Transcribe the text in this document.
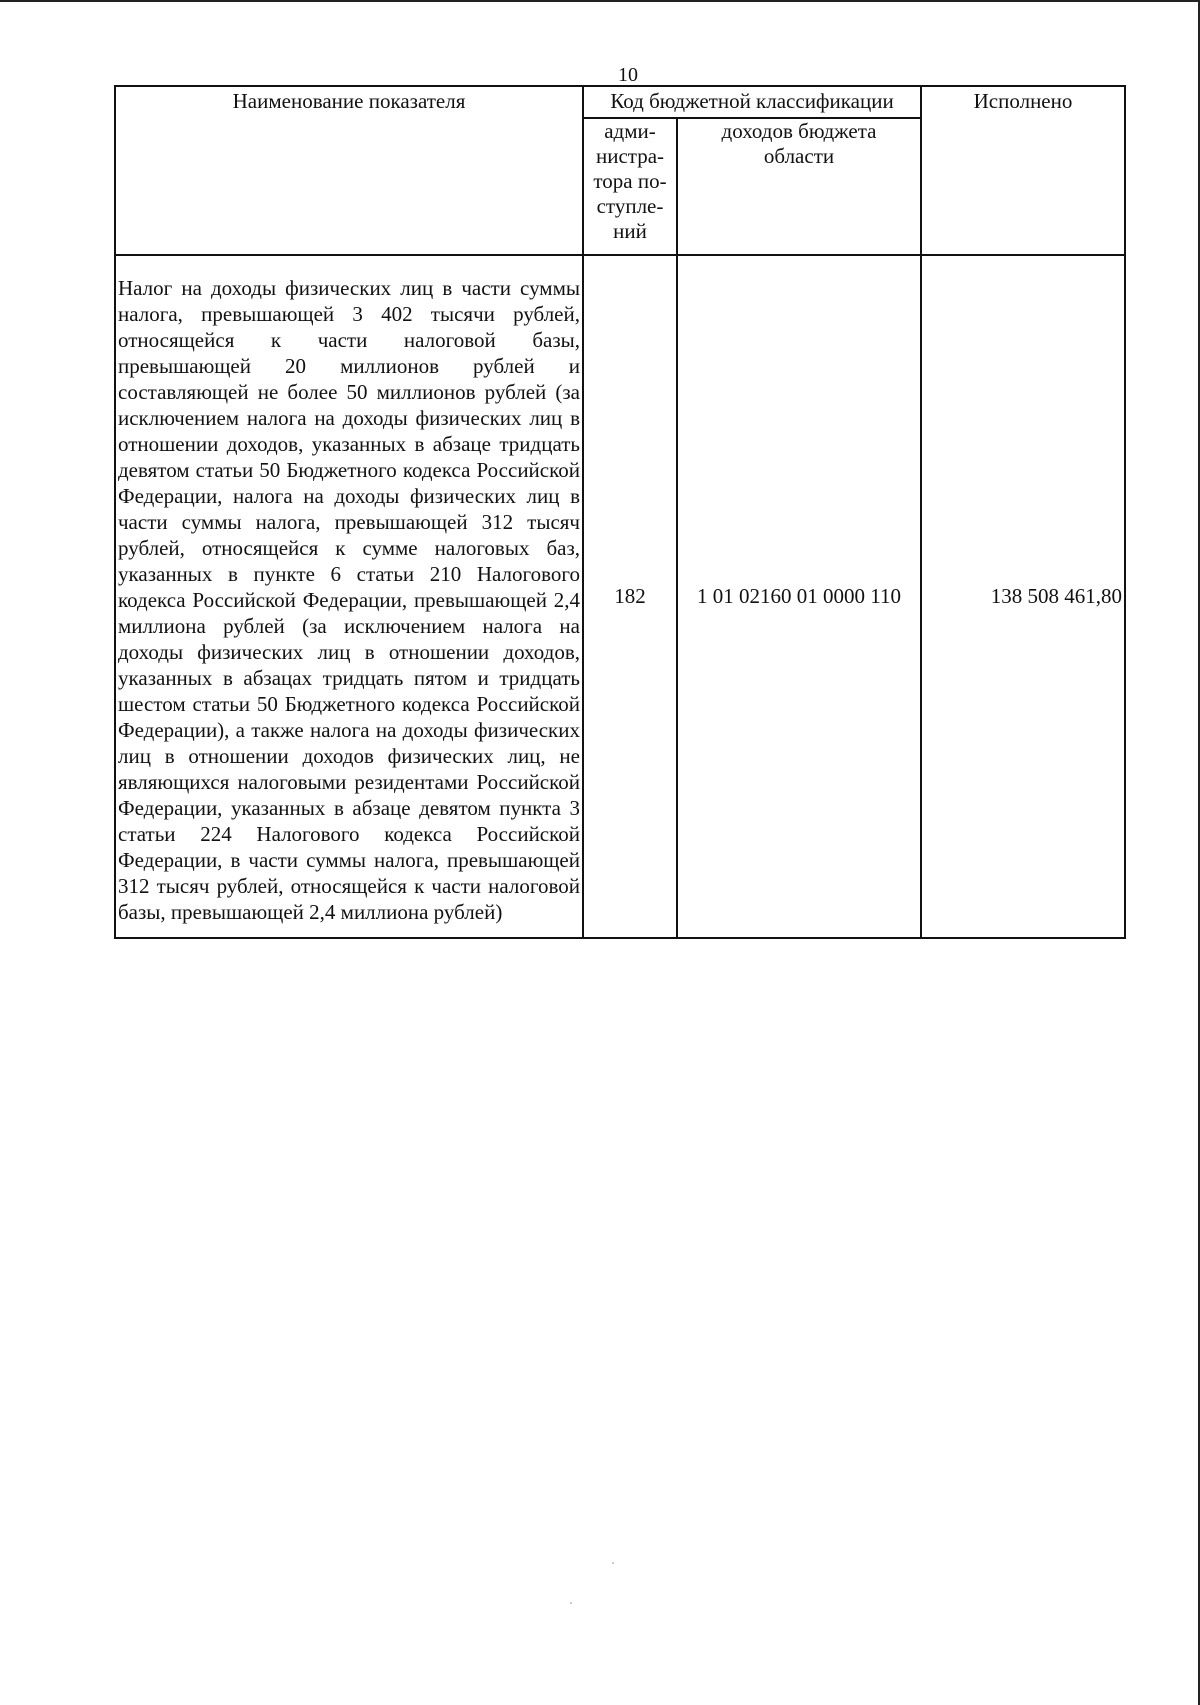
10
Наименование показателя	Код бюджетной классификации		Исполнено
	адми-
нистра-
тора по-
ступле-
ний	доходов бюджета
области	
Налог на доходы физических лиц в части суммы налога, превышающей 3 402 тысячи рублей, относящейся к части налоговой базы, превышающей 20 миллионов рублей и составляющей не более 50 миллионов рублей (за исключением налога на доходы физических лиц в отношении доходов, указанных в абзаце тридцать девятом статьи 50 Бюджетного кодекса Российской Федерации, налога на доходы физических лиц в части суммы налога, превышающей 312 тысяч рублей, относящейся к сумме налоговых баз, указанных в пункте 6 статьи 210 Налогового кодекса Российской Федерации, превышающей 2,4 миллиона рублей (за исключением налога на доходы физических лиц в отношении доходов, указанных в абзацах тридцать пятом и тридцать шестом статьи 50 Бюджетного кодекса Российской Федерации), а также налога на доходы физических лиц в отношении доходов физических лиц, не являющихся налоговыми резидентами Российской Федерации, указанных в абзаце девятом пункта 3 статьи 224 Налогового кодекса Российской Федерации, в части суммы налога, превышающей 312 тысяч рублей, относящейся к части налоговой базы, превышающей 2,4 миллиона рублей)	182	1 01 02160 01 0000 110	138 508 461,80
